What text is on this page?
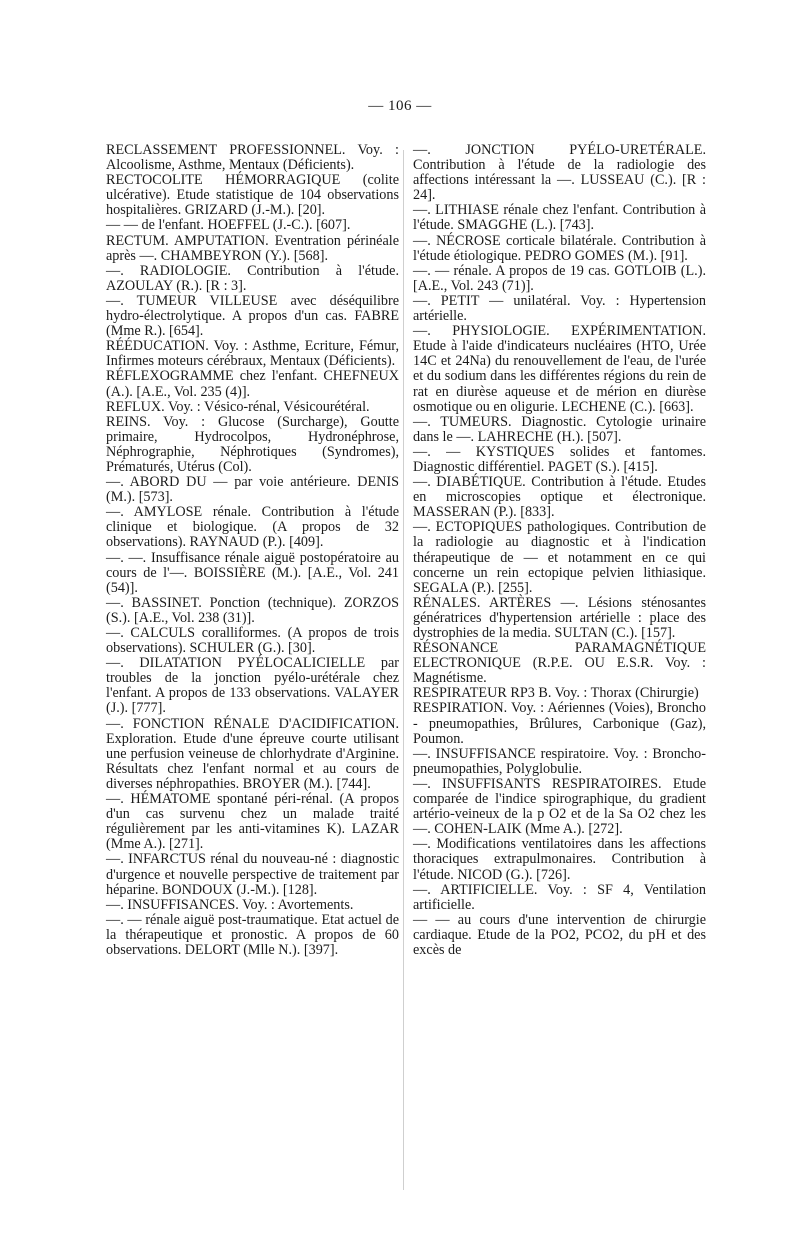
— 106 —

RECLASSEMENT PROFESSIONNEL. Voy. : Alcoolisme, Asthme, Mentaux (Déficients).

RECTOCOLITE HÉMORRAGIQUE (colite ulcérative). Etude statistique de 104 observations hospitalières. GRIZARD (J.-M.). [20].

— — de l'enfant. HOEFFEL (J.-C.). [607].

RECTUM. AMPUTATION. Eventration périnéale après —. CHAMBEYRON (Y.). [568].

—. RADIOLOGIE. Contribution à l'étude. AZOULAY (R.). [R : 3].

—. TUMEUR VILLEUSE avec déséquilibre hydro-électrolytique. A propos d'un cas. FABRE (Mme R.). [654].

RÉÉDUCATION. Voy. : Asthme, Ecriture, Fémur, Infirmes moteurs cérébraux, Mentaux (Déficients).

RÉFLEXOGRAMME chez l'enfant. CHEFNEUX (A.). [A.E., Vol. 235 (4)].

REFLUX. Voy. : Vésico-rénal, Vésicourétéral.

REINS. Voy. : Glucose (Surcharge), Goutte primaire, Hydrocolpos, Hydronéphrose, Néphrographie, Néphrotiques (Syndromes), Prématurés, Utérus (Col).

—. ABORD DU — par voie antérieure. DENIS (M.). [573].

—. AMYLOSE rénale. Contribution à l'étude clinique et biologique. (A propos de 32 observations). RAYNAUD (P.). [409].

—. —. Insuffisance rénale aiguë postopératoire au cours de l'—. BOISSIÈRE (M.). [A.E., Vol. 241 (54)].

—. BASSINET. Ponction (technique). ZORZOS (S.). [A.E., Vol. 238 (31)].

—. CALCULS coralliformes. (A propos de trois observations). SCHULER (G.). [30].

—. DILATATION PYÉLOCALICIELLE par troubles de la jonction pyélo-urétérale chez l'enfant. A propos de 133 observations. VALAYER (J.). [777].

—. FONCTION RÉNALE D'ACIDIFICATION. Exploration. Etude d'une épreuve courte utilisant une perfusion veineuse de chlorhydrate d'Arginine. Résultats chez l'enfant normal et au cours de diverses néphropathies. BROYER (M.). [744].

—. HÉMATOME spontané péri-rénal. (A propos d'un cas survenu chez un malade traité régulièrement par les anti-vitamines K). LAZAR (Mme A.). [271].

—. INFARCTUS rénal du nouveau-né : diagnostic d'urgence et nouvelle perspective de traitement par héparine. BONDOUX (J.-M.). [128].

—. INSUFFISANCES. Voy. : Avortements.

—. — rénale aiguë post-traumatique. Etat actuel de la thérapeutique et pronostic. A propos de 60 observations. DELORT (Mlle N.). [397].

—. JONCTION PYÉLO-URETÉRALE. Contribution à l'étude de la radiologie des affections intéressant la —. LUSSEAU (C.). [R : 24].

—. LITHIASE rénale chez l'enfant. Contribution à l'étude. SMAGGHE (L.). [743].

—. NÉCROSE corticale bilatérale. Contribution à l'étude étiologique. PEDRO GOMES (M.). [91].

—. — rénale. A propos de 19 cas. GOTLOIB (L.). [A.E., Vol. 243 (71)].

—. PETIT — unilatéral. Voy. : Hypertension artérielle.

—. PHYSIOLOGIE. EXPÉRIMENTATION. Etude à l'aide d'indicateurs nucléaires (HTO, Urée 14C et 24Na) du renouvellement de l'eau, de l'urée et du sodium dans les différentes régions du rein de rat en diurèse aqueuse et de mérion en diurèse osmotique ou en oligurie. LECHENE (C.). [663].

—. TUMEURS. Diagnostic. Cytologie urinaire dans le —. LAHRECHE (H.). [507].

—. — KYSTIQUES solides et fantomes. Diagnostic différentiel. PAGET (S.). [415].

—. DIABÉTIQUE. Contribution à l'étude. Etudes en microscopies optique et électronique. MASSERAN (P.). [833].

—. ECTOPIQUES pathologiques. Contribution de la radiologie au diagnostic et à l'indication thérapeutique de — et notamment en ce qui concerne un rein ectopique pelvien lithiasique. SEGALA (P.). [255].

RÉNALES. ARTÈRES —. Lésions sténosantes génératrices d'hypertension artérielle : place des dystrophies de la media. SULTAN (C.). [157].

RÉSONANCE PARAMAGNÉTIQUE ELECTRONIQUE (R.P.E. OU E.S.R. Voy. : Magnétisme.

RESPIRATEUR RP3 B. Voy. : Thorax (Chirurgie)

RESPIRATION. Voy. : Aériennes (Voies), Broncho - pneumopathies, Brûlures, Carbonique (Gaz), Poumon.

—. INSUFFISANCE respiratoire. Voy. : Broncho-pneumopathies, Polyglobulie.

—. INSUFFISANTS RESPIRATOIRES. Etude comparée de l'indice spirographique, du gradient artério-veineux de la p O2 et de la Sa O2 chez les —. COHEN-LAIK (Mme A.). [272].

—. Modifications ventilatoires dans les affections thoraciques extrapulmonaires. Contribution à l'étude. NICOD (G.). [726].

—. ARTIFICIELLE. Voy. : SF 4, Ventilation artificielle.

— — au cours d'une intervention de chirurgie cardiaque. Etude de la PO2, PCO2, du pH et des excès de
